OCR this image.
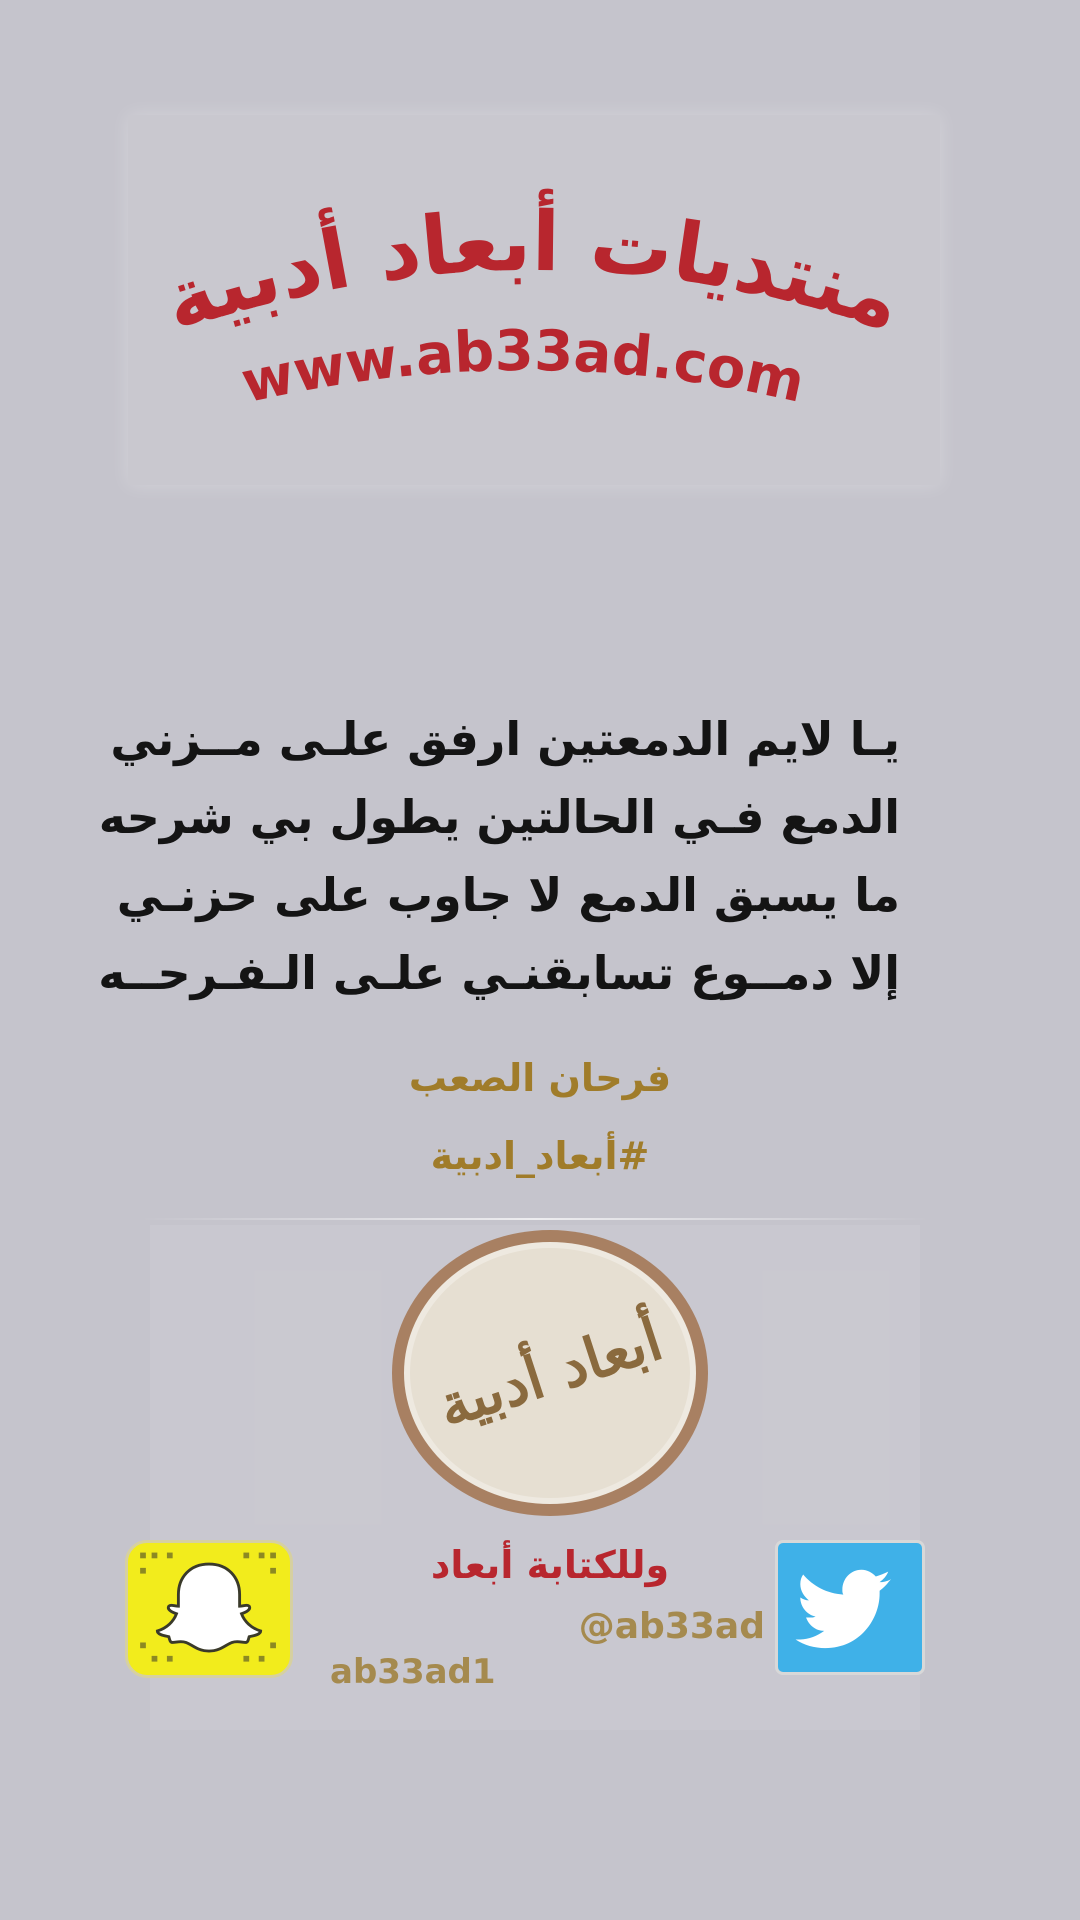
منتديات أبعاد أدبية
www.ab33ad.com
يـا لايم الدمعتين ارفق علـى مــزني
الدمع فـي الحالتين يطول بي شرحه
ما يسبق الدمع لا جاوب على حزنـي
إلا دمــوع تسابقنـي علـى الـفـرحــه
فرحان الصعب
#أبعاد_ادبية
أبعاد أدبية
وللكتابة أبعاد
@ab33ad
ab33ad1
